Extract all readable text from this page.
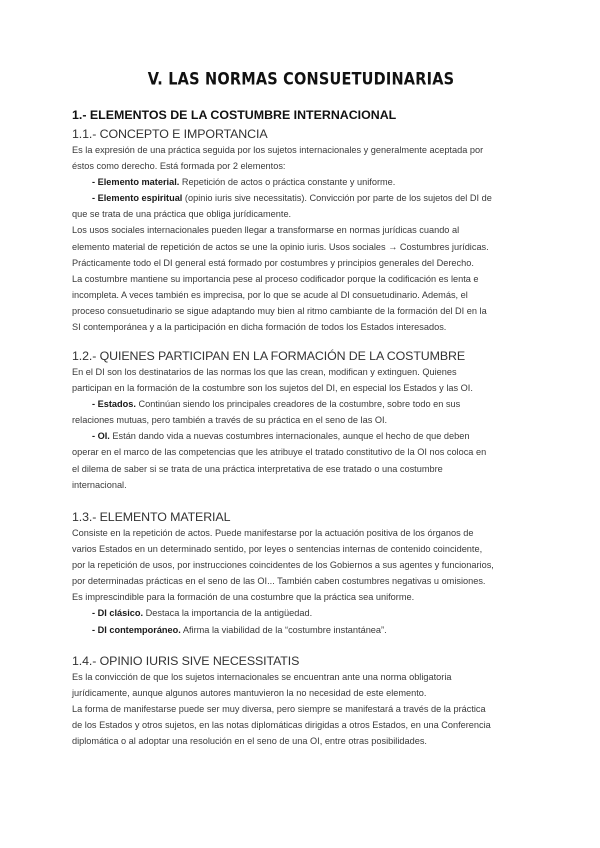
V. LAS NORMAS CONSUETUDINARIAS
1.- ELEMENTOS DE LA COSTUMBRE INTERNACIONAL
1.1.- CONCEPTO E IMPORTANCIA
Es la expresión de una práctica seguida por los sujetos internacionales y generalmente aceptada por
éstos como derecho. Está formada por 2 elementos:
- Elemento material. Repetición de actos o práctica constante y uniforme.
- Elemento espiritual (opinio iuris sive necessitatis). Convicción por parte de los sujetos del DI de
que se trata de una práctica que obliga jurídicamente.
Los usos sociales internacionales pueden llegar a transformarse en normas jurídicas cuando al
elemento material de repetición de actos se une la opinio iuris. Usos sociales → Costumbres jurídicas.
Prácticamente todo el DI general está formado por costumbres y principios generales del Derecho.
La costumbre mantiene su importancia pese al proceso codificador porque la codificación es lenta e
incompleta. A veces también es imprecisa, por lo que se acude al DI consuetudinario. Además, el
proceso consuetudinario se sigue adaptando muy bien al ritmo cambiante de la formación del DI en la
SI contemporánea y a la participación en dicha formación de todos los Estados interesados.
1.2.- QUIENES PARTICIPAN EN LA FORMACIÓN DE LA COSTUMBRE
En el DI son los destinatarios de las normas los que las crean, modifican y extinguen. Quienes
participan en la formación de la costumbre son los sujetos del DI, en especial los Estados y las OI.
- Estados. Continúan siendo los principales creadores de la costumbre, sobre todo en sus
relaciones mutuas, pero también a través de su práctica en el seno de las OI.
- OI. Están dando vida a nuevas costumbres internacionales, aunque el hecho de que deben
operar en el marco de las competencias que les atribuye el tratado constitutivo de la OI nos coloca en
el dilema de saber si se trata de una práctica interpretativa de ese tratado o una costumbre
internacional.
1.3.- ELEMENTO MATERIAL
Consiste en la repetición de actos. Puede manifestarse por la actuación positiva de los órganos de
varios Estados en un determinado sentido, por leyes o sentencias internas de contenido coincidente,
por la repetición de usos, por instrucciones coincidentes de los Gobiernos a sus agentes y funcionarios,
por determinadas prácticas en el seno de las OI... También caben costumbres negativas u omisiones.
Es imprescindible para la formación de una costumbre que la práctica sea uniforme.
- DI clásico. Destaca la importancia de la antigüedad.
- DI contemporáneo. Afirma la viabilidad de la “costumbre instantánea”.
1.4.- OPINIO IURIS SIVE NECESSITATIS
Es la convicción de que los sujetos internacionales se encuentran ante una norma obligatoria
jurídicamente, aunque algunos autores mantuvieron la no necesidad de este elemento.
La forma de manifestarse puede ser muy diversa, pero siempre se manifestará a través de la práctica
de los Estados y otros sujetos, en las notas diplomáticas dirigidas a otros Estados, en una Conferencia
diplomática o al adoptar una resolución en el seno de una OI, entre otras posibilidades.
